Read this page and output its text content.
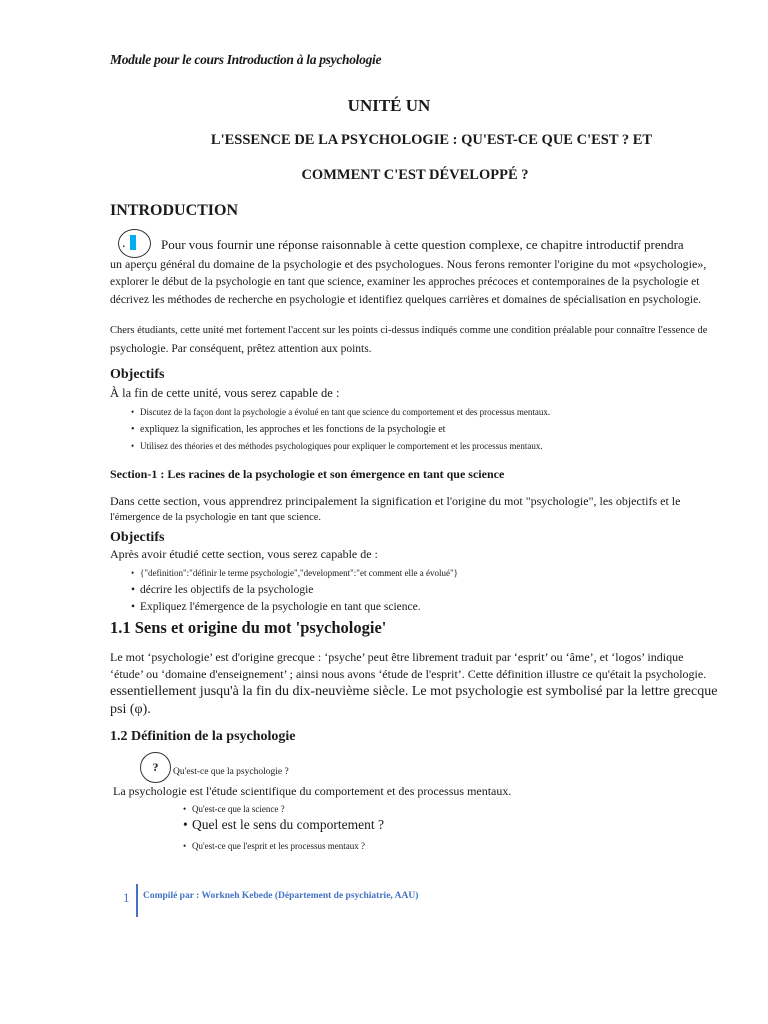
Module pour le cours Introduction à la psychologie
UNITÉ UN
L'ESSENCE DE LA PSYCHOLOGIE : QU'EST-CE QUE C'EST ? ET
COMMENT C'EST DÉVELOPPÉ ?
INTRODUCTION
.	Pour vous fournir une réponse raisonnable à cette question complexe, ce chapitre introductif prendra
un aperçu général du domaine de la psychologie et des psychologues. Nous ferons remonter l'origine du mot «psychologie»,
explorer le début de la psychologie en tant que science, examiner les approches précoces et contemporaines de la psychologie et
décrivez les méthodes de recherche en psychologie et identifiez quelques carrières et domaines de spécialisation en psychologie.
Chers étudiants, cette unité met fortement l'accent sur les points ci-dessus indiqués comme une condition préalable pour connaître l'essence de
psychologie. Par conséquent, prêtez attention aux points.
Objectifs
À la fin de cette unité, vous serez capable de :
• Discutez de la façon dont la psychologie a évolué en tant que science du comportement et des processus mentaux.
• expliquez la signification, les approches et les fonctions de la psychologie et
• Utilisez des théories et des méthodes psychologiques pour expliquer le comportement et les processus mentaux.
Section-1 : Les racines de la psychologie et son émergence en tant que science
Dans cette section, vous apprendrez principalement la signification et l'origine du mot "psychologie", les objectifs et le
l'émergence de la psychologie en tant que science.
Objectifs
Après avoir étudié cette section, vous serez capable de :
• {"definition":"définir le terme psychologie","development":"et comment elle a évolué"}
• décrire les objectifs de la psychologie
• Expliquez l'émergence de la psychologie en tant que science.
1.1 Sens et origine du mot 'psychologie'
Le mot ‘psychologie’ est d'origine grecque : ‘psyche’ peut être librement traduit par ‘esprit’ ou ‘âme’, et ‘logos’ indique
‘étude’ ou ‘domaine d'enseignement’ ; ainsi nous avons ‘étude de l'esprit’. Cette définition illustre ce qu'était la psychologie.
essentiellement jusqu'à la fin du dix-neuvième siècle. Le mot psychologie est symbolisé par la lettre grecque
psi (φ).
1.2 Définition de la psychologie
?	Qu'est-ce que la psychologie ?
La psychologie est l'étude scientifique du comportement et des processus mentaux.
• Qu'est-ce que la science ?
• Quel est le sens du comportement ?
• Qu'est-ce que l'esprit et les processus mentaux ?
1 Compilé par : Workneh Kebede (Département de psychiatrie, AAU)
